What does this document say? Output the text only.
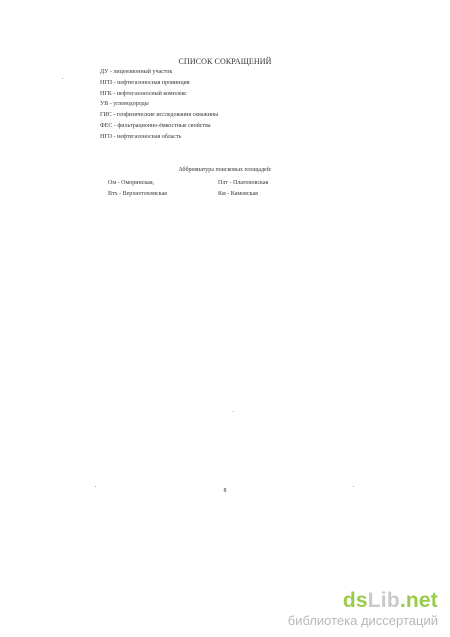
СПИСОК СОКРАЩЕНИЙ
ДУ - лицензионный участок
НГП - нефтегазоносная провинция
НГК - нефтегазоносный комплекс
УВ - углеводороды
ГИС - геофизические исследования скважины
ФЕС - фильтрационно-ёмкостные свойства
НГО - нефтегазоносная область
Аббревиатура поисковых площадей:
Ом - Оморинская,	Плт - Платоновская
Втх - Верхнетохомская	Км - Камовская
8
dsLib.net
библиотека диссертаций
